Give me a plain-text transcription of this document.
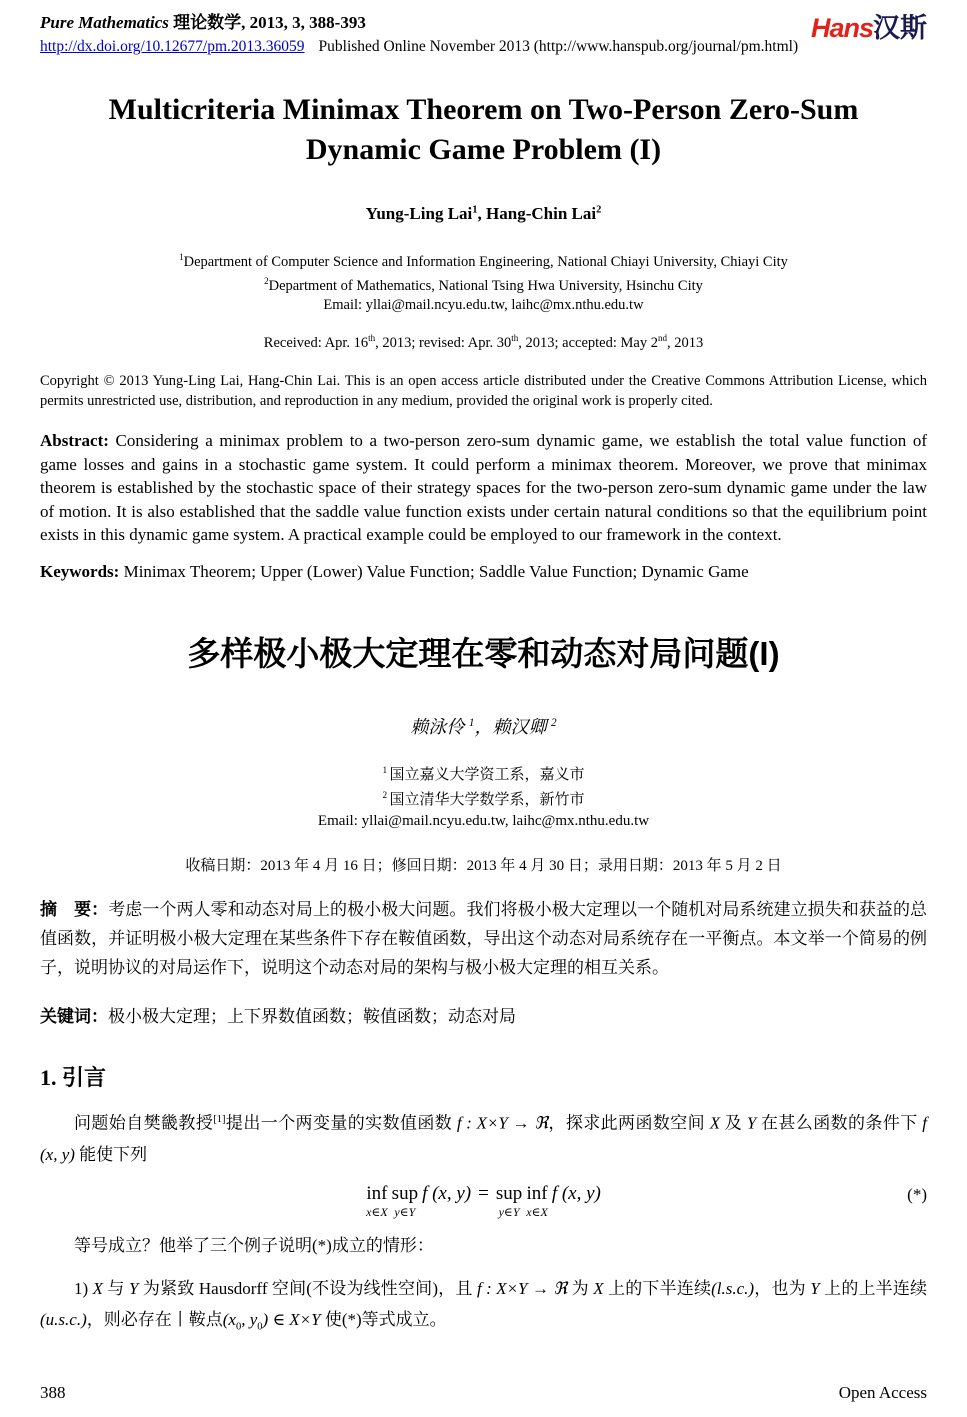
Pure Mathematics 理论数学, 2013, 3, 388-393
http://dx.doi.org/10.12677/pm.2013.36059 Published Online November 2013 (http://www.hanspub.org/journal/pm.html)
Hans汉斯
Multicriteria Minimax Theorem on Two-Person Zero-Sum Dynamic Game Problem (I)
Yung-Ling Lai$^1$, Hang-Chin Lai$^2$
$^1$Department of Computer Science and Information Engineering, National Chiayi University, Chiayi City
$^2$Department of Mathematics, National Tsing Hwa University, Hsinchu City
Email: yllai@mail.ncyu.edu.tw, laihc@mx.nthu.edu.tw
Received: Apr. 16th, 2013; revised: Apr. 30th, 2013; accepted: May 2nd, 2013
Copyright © 2013 Yung-Ling Lai, Hang-Chin Lai. This is an open access article distributed under the Creative Commons Attribution License, which permits unrestricted use, distribution, and reproduction in any medium, provided the original work is properly cited.
Abstract: Considering a minimax problem to a two-person zero-sum dynamic game, we establish the total value function of game losses and gains in a stochastic game system. It could perform a minimax theorem. Moreover, we prove that minimax theorem is established by the stochastic space of their strategy spaces for the two-person zero-sum dynamic game under the law of motion. It is also established that the saddle value function exists under certain natural conditions so that the equilibrium point exists in this dynamic game system. A practical example could be employed to our framework in the context.
Keywords: Minimax Theorem; Upper (Lower) Value Function; Saddle Value Function; Dynamic Game
多样极小极大定理在零和动态对局问题(I)
赖泳伶 $^1$，赖汉卿 $^2$
$^1$ 国立嘉义大学资工系，嘉义市
$^2$ 国立清华大学数学系，新竹市
Email: yllai@mail.ncyu.edu.tw, laihc@mx.nthu.edu.tw
收稿日期：2013 年 4 月 16 日；修回日期：2013 年 4 月 30 日；录用日期：2013 年 5 月 2 日
摘　要：考虑一个两人零和动态对局上的极小极大问题。我们将极小极大定理以一个随机对局系统建立损失和获益的总值函数，并证明极小极大定理在某些条件下存在鞍值函数，导出这个动态对局系统存在一平衡点。本文举一个简易的例子，说明协议的对局运作下，说明这个动态对局的架构与极小极大定理的相互关系。
关键词：极小极大定理；上下界数值函数；鞍值函数；动态对局
1. 引言
问题始自樊畿教授[1]提出一个两变量的实数值函数 f : X×Y → ℜ，探求此两函数空间 X 及 Y 在甚么函数的条件下 f (x, y) 能使下列
inf
x∈X
sup
y∈Y
f (x, y) = sup
y∈Y
inf
x∈X
f (x, y)	(*)
等号成立？他举了三个例子说明(*)成立的情形：
1) X 与 Y 为紧致 Hausdorff 空间(不设为线性空间)，且 f : X×Y → ℜ 为 X 上的下半连续(l.s.c.)，也为 Y 上的上半连续(u.s.c.)，则必存在丨鞍点($x_0$, $y_0$) ∈ X×Y 使(*)等式成立。
388	Open Access
